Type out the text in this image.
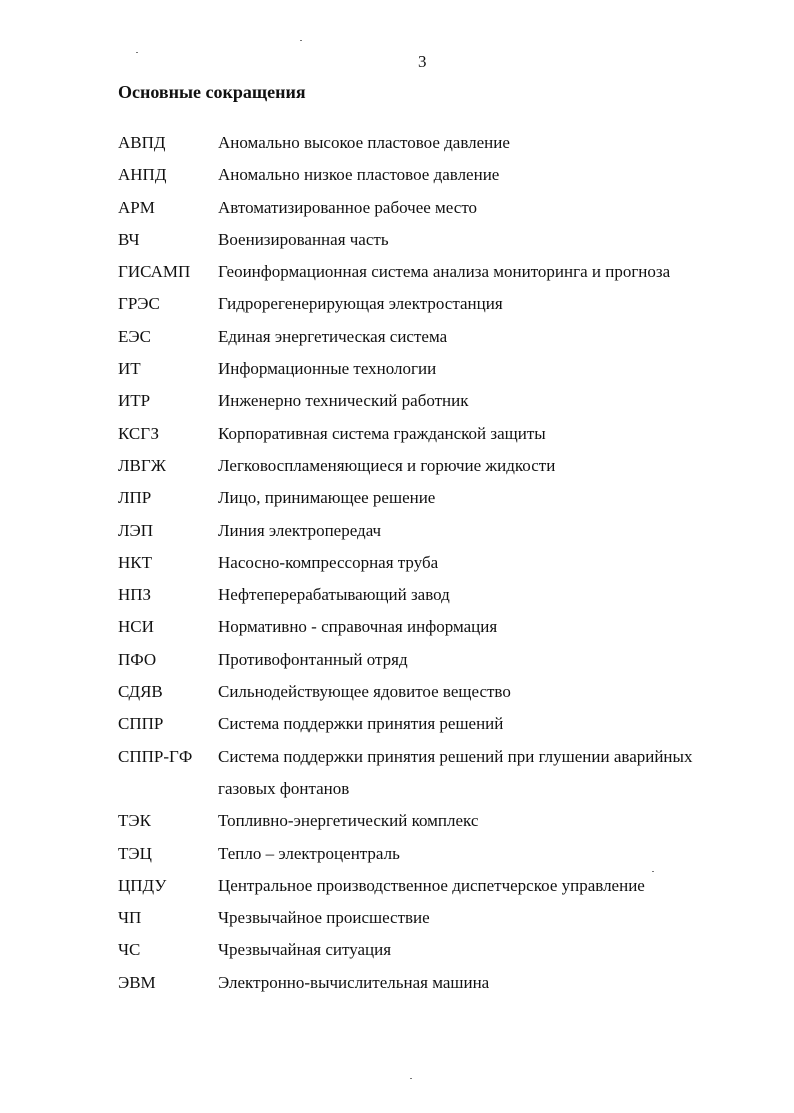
3
Основные сокращения
АВПД	Аномально высокое пластовое давление
АНПД	Аномально низкое пластовое давление
АРМ	Автоматизированное рабочее место
ВЧ	Военизированная часть
ГИСАМП	Геоинформационная система анализа мониторинга и прогноза
ГРЭС	Гидрорегенерирующая электростанция
ЕЭС	Единая энергетическая система
ИТ	Информационные технологии
ИТР	Инженерно технический работник
КСГЗ	Корпоративная система гражданской защиты
ЛВГЖ	Легковоспламеняющиеся и горючие жидкости
ЛПР	Лицо, принимающее решение
ЛЭП	Линия электропередач
НКТ	Насосно-компрессорная труба
НПЗ	Нефтеперерабатывающий завод
НСИ	Нормативно - справочная информация
ПФО	Противофонтанный отряд
СДЯВ	Сильнодействующее ядовитое вещество
СППР	Система поддержки принятия решений
СППР-ГФ	Система поддержки принятия решений при глушении аварийных газовых фонтанов
ТЭК	Топливно-энергетический комплекс
ТЭЦ	Тепло – электроцентраль
ЦПДУ	Центральное производственное диспетчерское управление
ЧП	Чрезвычайное происшествие
ЧС	Чрезвычайная ситуация
ЭВМ	Электронно-вычислительная машина
